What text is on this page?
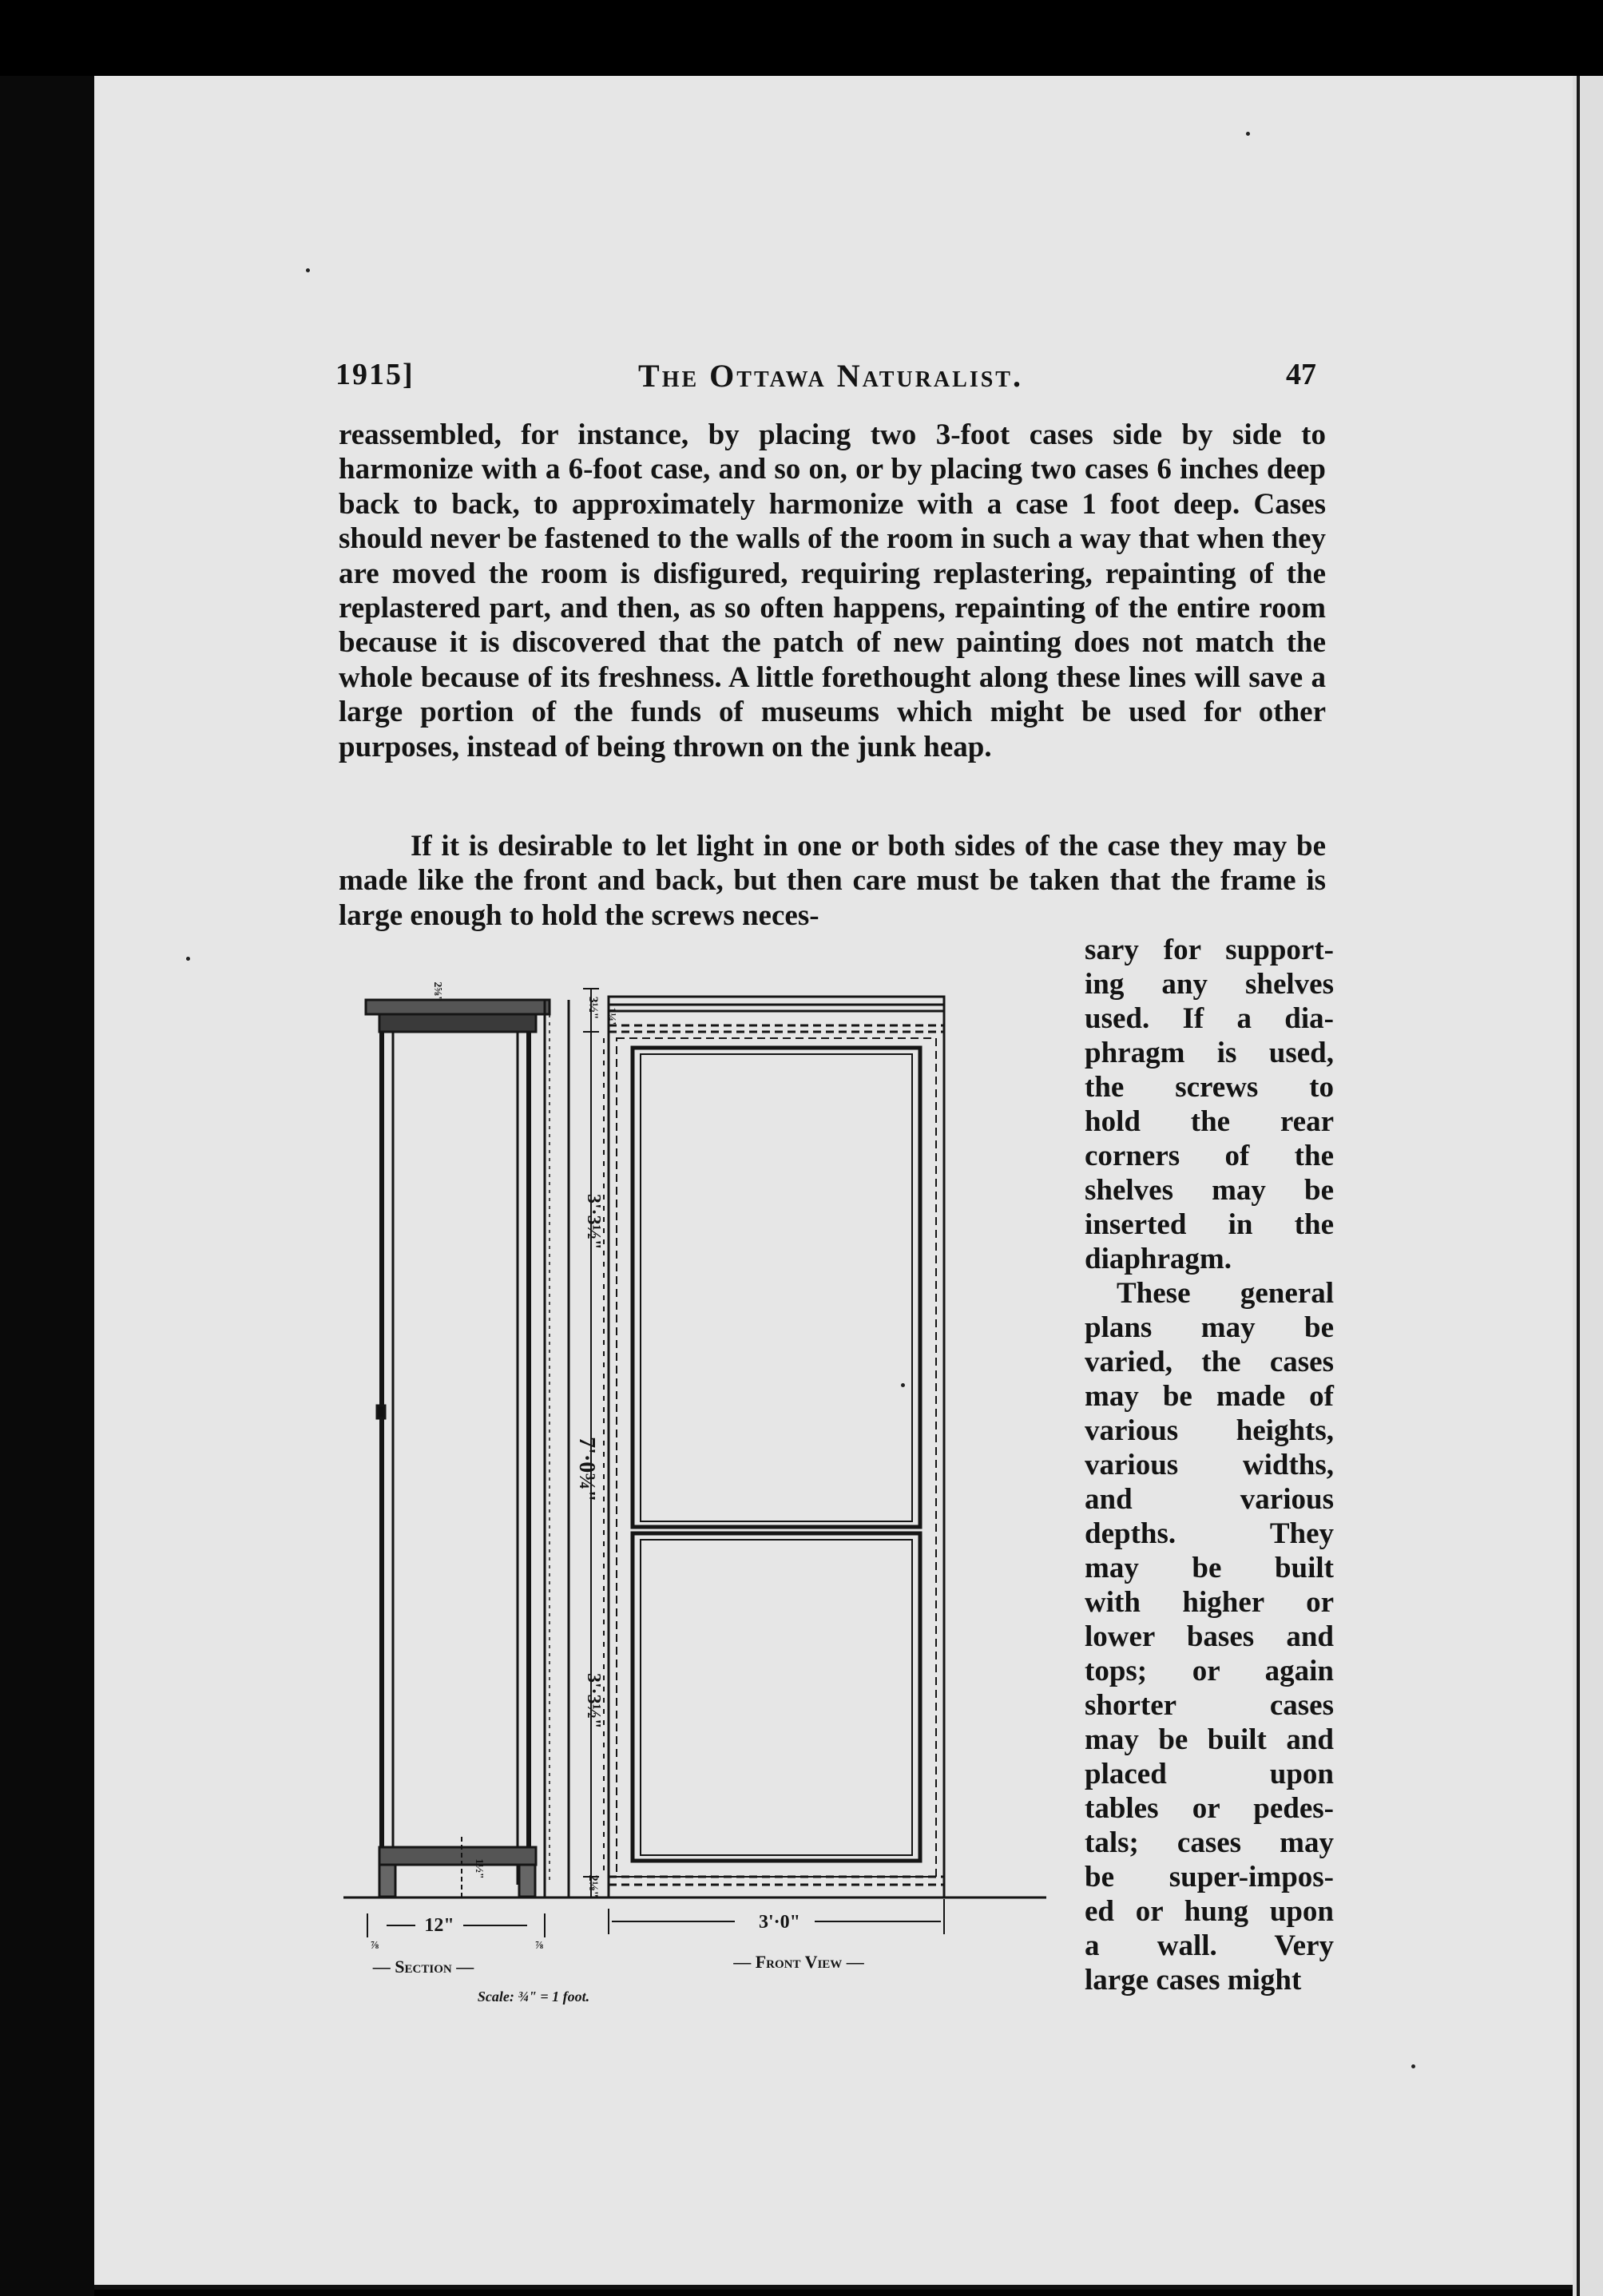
1915]	The Ottawa Naturalist.	47

reassembled, for instance, by placing two 3-foot cases side by side to harmonize with a 6-foot case, and so on, or by placing two cases 6 inches deep back to back, to approximately harmonize with a case 1 foot deep. Cases should never be fastened to the walls of the room in such a way that when they are moved the room is disfigured, requiring replastering, repainting of the replastered part, and then, as so often happens, repainting of the entire room because it is discovered that the patch of new painting does not match the whole because of its freshness. A little forethought along these lines will save a large portion of the funds of museums which might be used for other purposes, instead of being thrown on the junk heap.

If it is desirable to let light in one or both sides of the case they may be made like the front and back, but then care must be taken that the frame is large enough to hold the screws neces-

sary for support-
ing any shelves
used. If a dia-
phragm is used,
the screws to
hold the rear
corners of the
shelves may be
inserted in the
diaphragm.
These general
plans may be
varied, the cases
may be made of
various heights,
various widths,
and various
depths. They
may be built
with higher or
lower bases and
tops; or again
shorter cases
may be built and
placed upon
tables or pedes-
tals; cases may
be super-impos-
ed or hung upon
a wall. Very
large cases might
3'·0"
12"
⅞	⅞
7'·0¾"
3'·3½"
3'·3½"
3½" 1¼"
2⅛"
1½"
2⅝"
— Section —	— Front View —
Scale: ¾" = 1 foot.
